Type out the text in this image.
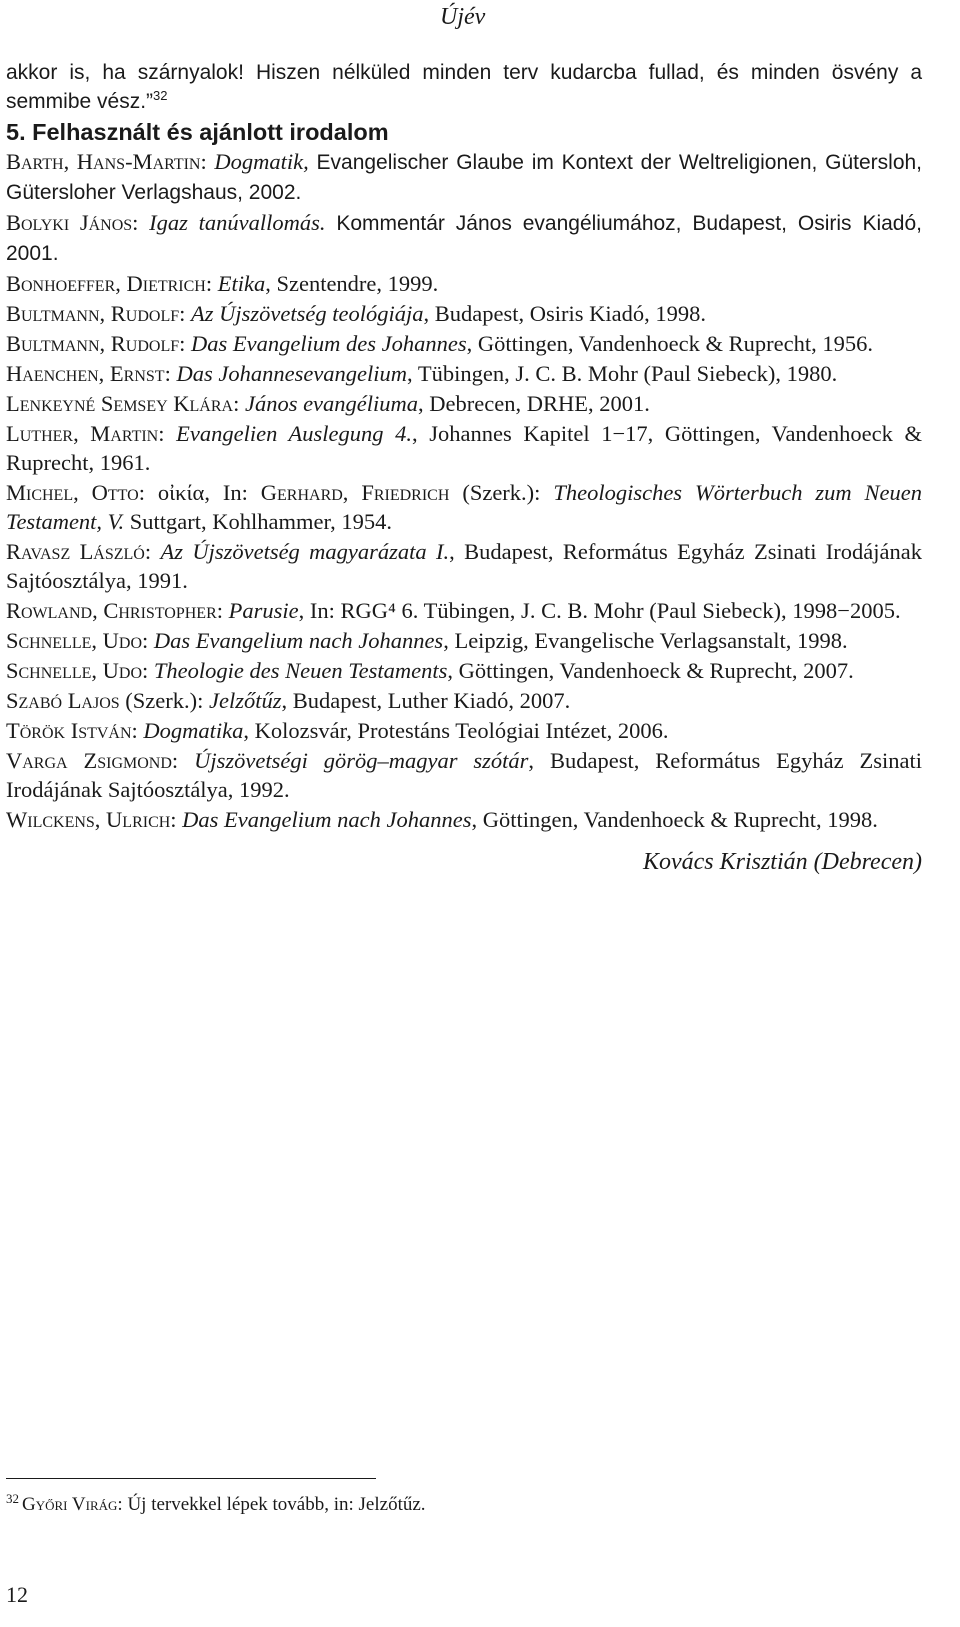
Újév

akkor is, ha szárnyalok! Hiszen nélküled minden terv kudarcba fullad, és minden ösvény a semmibe vész.”$^{32}$

5. Felhasznált és ajánlott irodalom

Barth, Hans-Martin: Dogmatik, Evangelischer Glaube im Kontext der Weltreligionen, Gütersloh, Gütersloher Verlagshaus, 2002.

Bolyki János: Igaz tanúvallomás. Kommentár János evangéliumához, Budapest, Osiris Kiadó, 2001.

Bonhoeffer, Dietrich: Etika, Szentendre, 1999.

Bultmann, Rudolf: Az Újszövetség teológiája, Budapest, Osiris Kiadó, 1998.

Bultmann, Rudolf: Das Evangelium des Johannes, Göttingen, Vandenhoeck & Ruprecht, 1956.

Haenchen, Ernst: Das Johannesevangelium, Tübingen, J. C. B. Mohr (Paul Siebeck), 1980.

Lenkeyné Semsey Klára: János evangéliuma, Debrecen, DRHE, 2001.

Luther, Martin: Evangelien Auslegung 4., Johannes Kapitel 1−17, Göttingen, Vandenhoeck & Ruprecht, 1961.

Michel, Otto: οἰκία, In: Gerhard, Friedrich (Szerk.): Theologisches Wörterbuch zum Neuen Testament, V. Suttgart, Kohlhammer, 1954.

Ravasz László: Az Újszövetség magyarázata I., Budapest, Református Egyház Zsinati Irodájának Sajtóosztálya, 1991.

Rowland, Christopher: Parusie, In: RGG⁴ 6. Tübingen, J. C. B. Mohr (Paul Siebeck), 1998−2005.

Schnelle, Udo: Das Evangelium nach Johannes, Leipzig, Evangelische Verlagsanstalt, 1998.

Schnelle, Udo: Theologie des Neuen Testaments, Göttingen, Vandenhoeck & Ruprecht, 2007.

Szabó Lajos (Szerk.): Jelzőtűz, Budapest, Luther Kiadó, 2007.

Török István: Dogmatika, Kolozsvár, Protestáns Teológiai Intézet, 2006.

Varga Zsigmond: Újszövetségi görög–magyar szótár, Budapest, Református Egyház Zsinati Irodájának Sajtóosztálya, 1992.

Wilckens, Ulrich: Das Evangelium nach Johannes, Göttingen, Vandenhoeck & Ruprecht, 1998.

Kovács Krisztián (Debrecen)

$^{32}$ Győri Virág: Új tervekkel lépek tovább, in: Jelzőtűz.
12
